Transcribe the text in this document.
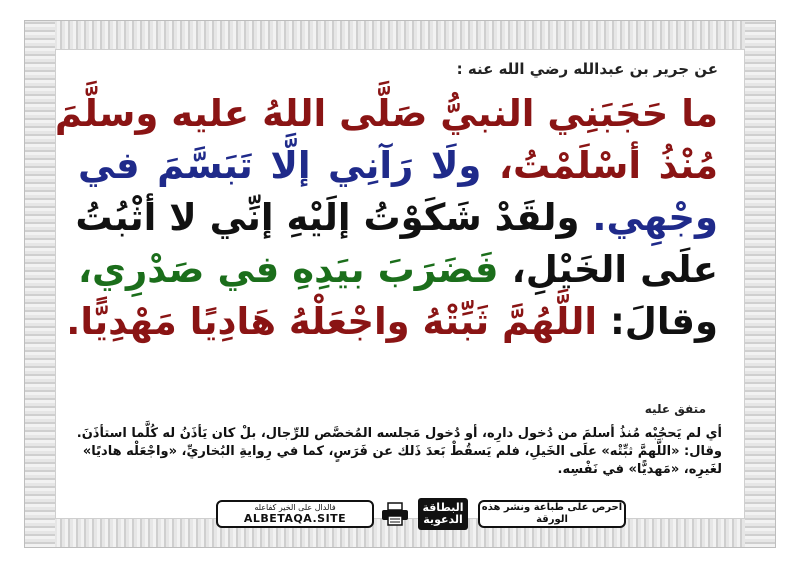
عن جرير بن عبدالله رضي الله عنه :
ما حَجَبَنِي النبيُّ صَلَّى اللهُ عليه وسلَّمَ
مُنْذُ أسْلَمْتُ، ولَا رَآنِي إلَّا تَبَسَّمَ في
وجْهِي. ولقَدْ شَكَوْتُ إلَيْهِ إنِّي لا أثْبُتُ
علَى الخَيْلِ، فَضَرَبَ بيَدِهِ في صَدْرِي،
وقالَ: اللَّهُمَّ ثَبِّتْهُ واجْعَلْهُ هَادِيًا مَهْدِيًّا.
متفق عليه
أي لم يَحجُبْه مُنذُ أسلمَ من دُخول دارِه، أو دُخول مَجلسه المُخصَّص للرِّجال، بلْ كان يَأذَنُ له كُلَّما استأذَنَ. وقال: «اللَّهمَّ ثبِّتْه» علَى الخَيلِ، فلم يَسقُطْ بَعدَ ذَلك عن فَرَسٍ، كما في رِوايةِ البُخاريِّ، «واجْعَلْه هاديًا» لغَيرِه، «مَهديًّا» في نَفْسِه.
فالدال على الخير كفاعله
ALBETAQA.SITE
البطاقة الدعوية
احرص على طباعة ونشر هذه الورقة
